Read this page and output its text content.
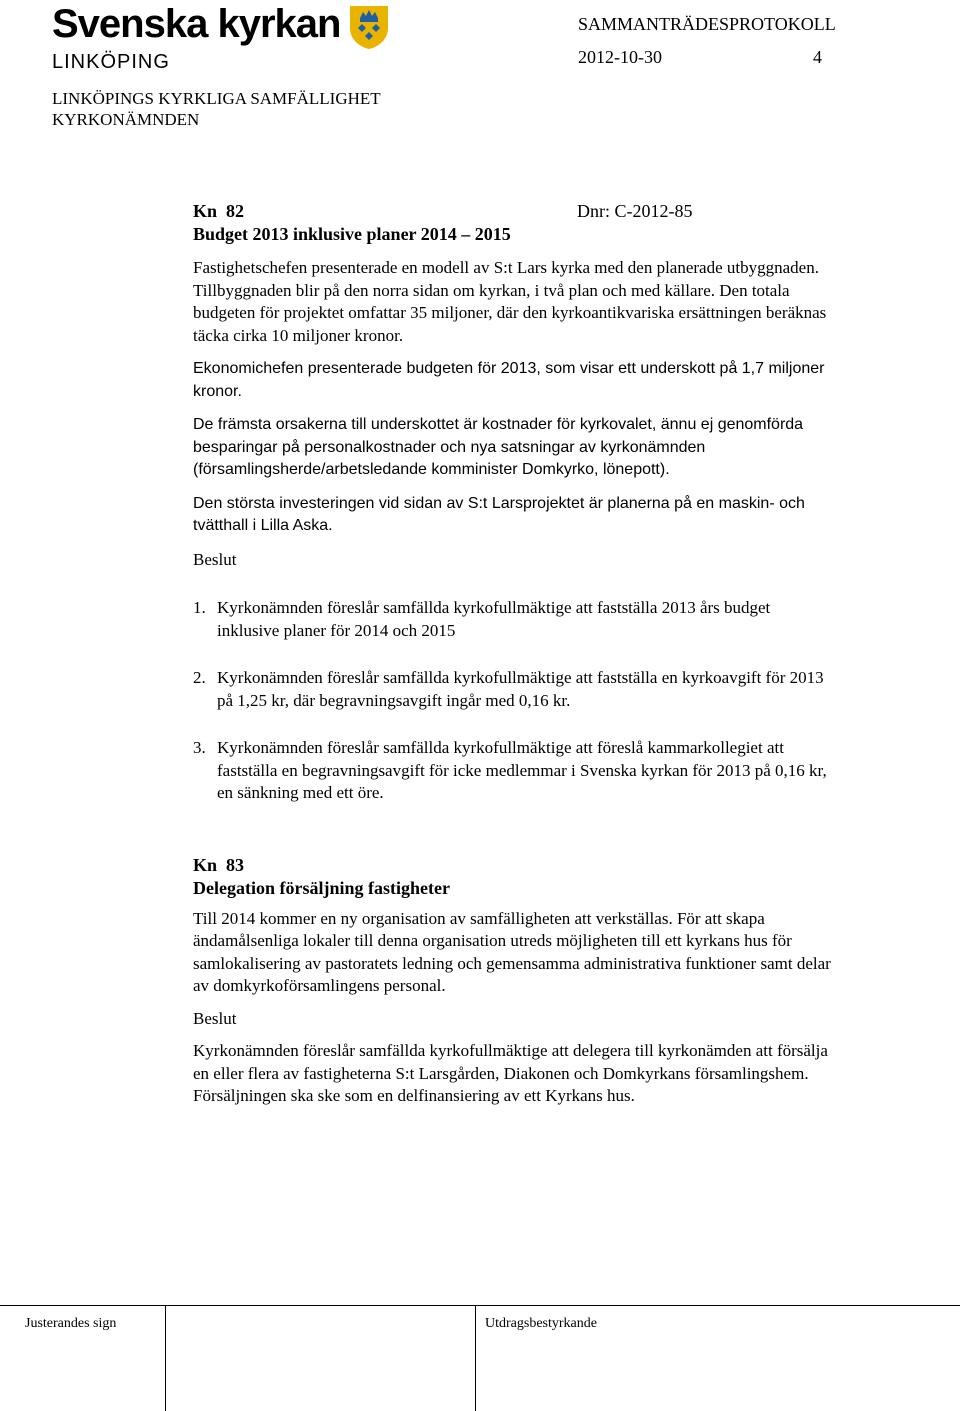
Svenska kyrkan
LINKÖPING
SAMMANTRÄDESPROTOKOLL
2012-10-30	4
LINKÖPINGS KYRKLIGA SAMFÄLLIGHET
KYRKONÄMNDEN
Kn  82	Dnr: C-2012-85
Budget 2013 inklusive planer 2014 – 2015

Fastighetschefen presenterade en modell av S:t Lars kyrka med den planerade utbyggnaden. Tillbyggnaden blir på den norra sidan om kyrkan, i två plan och med källare. Den totala budgeten för projektet omfattar 35 miljoner, där den kyrkoantikvariska ersättningen beräknas täcka cirka 10 miljoner kronor.

Ekonomichefen presenterade budgeten för 2013, som visar ett underskott på 1,7 miljoner kronor.

De främsta orsakerna till underskottet är kostnader för kyrkovalet, ännu ej genomförda besparingar på personalkostnader och nya satsningar av kyrkonämnden (församlingsherde/arbetsledande komminister Domkyrko, lönepott).

Den största investeringen vid sidan av S:t Larsprojektet är planerna på en maskin- och tvätthall i Lilla Aska.

Beslut

1. Kyrkonämnden föreslår samfällda kyrkofullmäktige att fastställa 2013 års budget inklusive planer för 2014 och 2015
2. Kyrkonämnden föreslår samfällda kyrkofullmäktige att fastställa en kyrkoavgift för 2013 på 1,25 kr, där begravningsavgift ingår med 0,16 kr.
3. Kyrkonämnden föreslår samfällda kyrkofullmäktige att föreslå kammarkollegiet att fastställa en begravningsavgift för icke medlemmar i Svenska kyrkan för 2013 på 0,16 kr, en sänkning med ett öre.
Kn  83
Delegation försäljning fastigheter

Till 2014 kommer en ny organisation av samfälligheten att verkställas. För att skapa ändamålsenliga lokaler till denna organisation utreds möjligheten till ett kyrkans hus för samlokalisering av pastoratets ledning och gemensamma administrativa funktioner samt delar av domkyrkoförsamlingens personal.

Beslut

Kyrkonämnden föreslår samfällda kyrkofullmäktige att delegera till kyrkonämden att försälja en eller flera av fastigheterna S:t Larsgården, Diakonen och Domkyrkans församlingshem. Försäljningen ska ske som en delfinansiering av ett Kyrkans hus.

Justerandes sign	Utdragsbestyrkande
